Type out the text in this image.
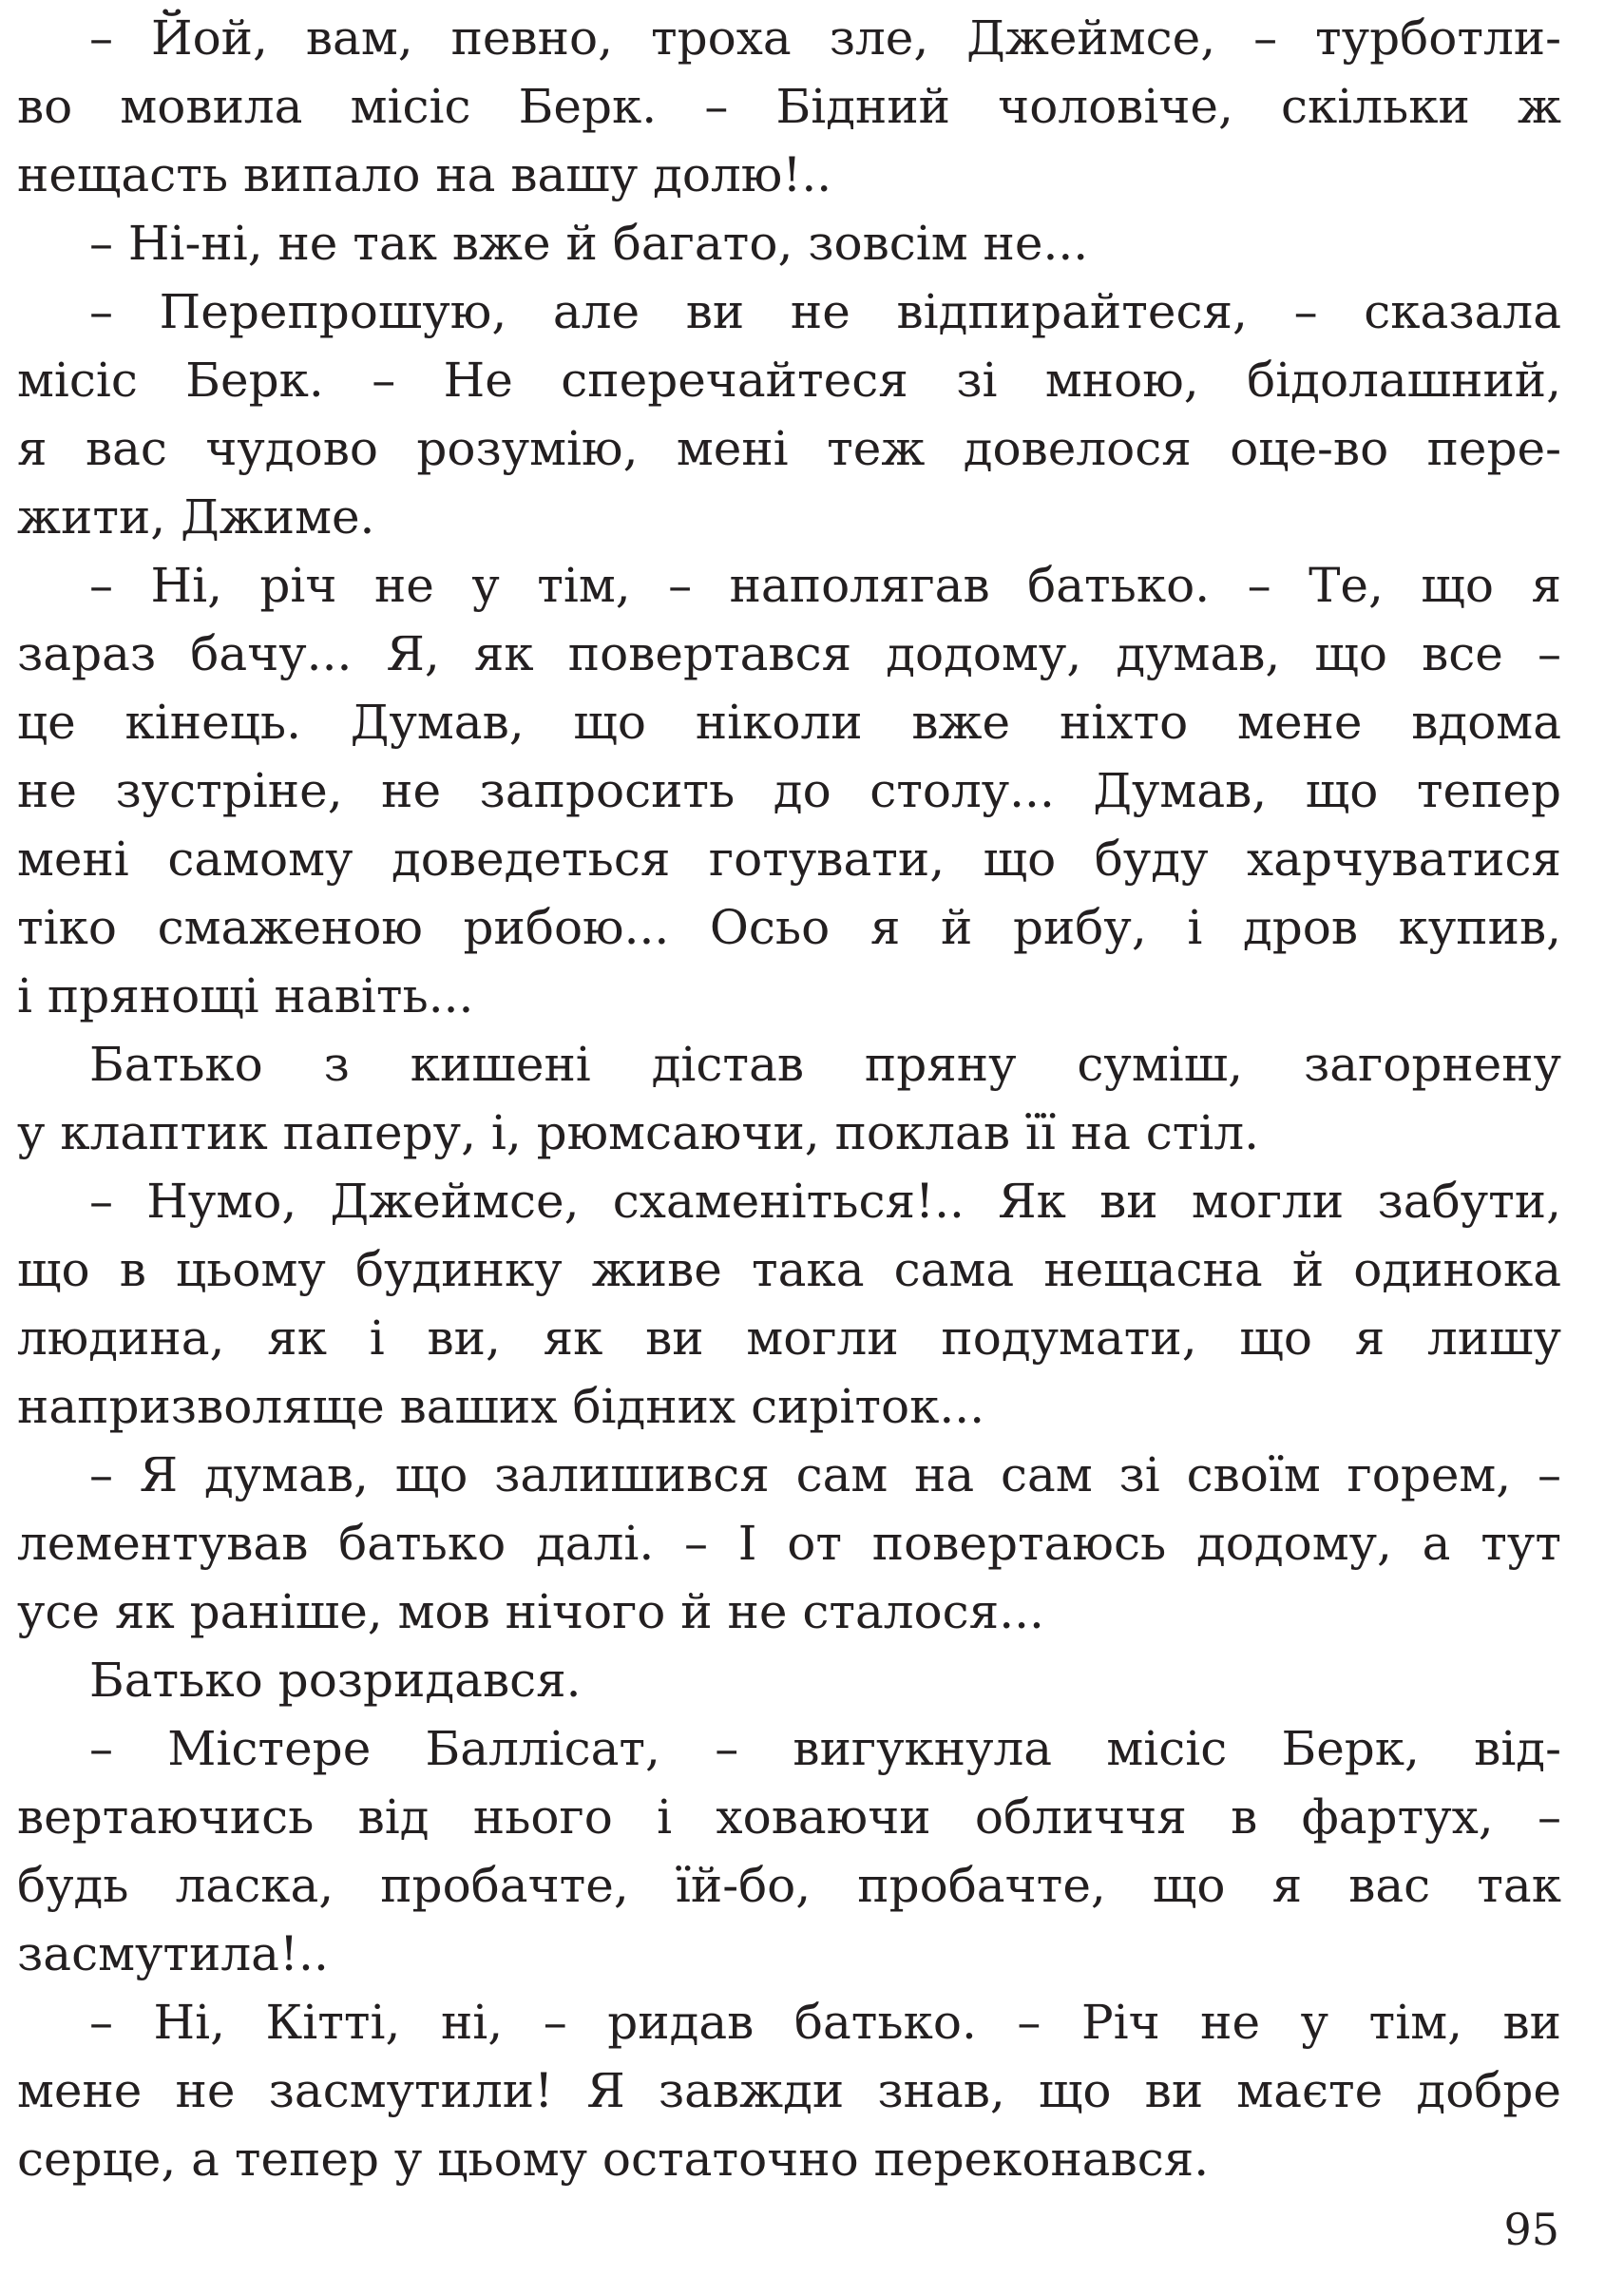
– Йой, вам, певно, троха зле, Джеймсе, – турботли-
во мовила місіс Берк. – Бідний чоловіче, скільки ж
нещасть випало на вашу долю!..
– Ні-ні, не так вже й багато, зовсім не...
– Перепрошую, але ви не відпирайтеся, – сказала
місіс Берк. – Не сперечайтеся зі мною, бідолашний,
я вас чудово розумію, мені теж довелося оце-во пере-
жити, Джиме.
– Ні, річ не у тім, – наполягав батько. – Те, що я
зараз бачу... Я, як повертався додому, думав, що все –
це кінець. Думав, що ніколи вже ніхто мене вдома
не зустріне, не запросить до столу... Думав, що тепер
мені самому доведеться готувати, що буду харчуватися
тіко смаженою рибою... Осьо я й рибу, і дров купив,
і прянощі навіть...
Батько з кишені дістав пряну суміш, загорнену
у клаптик паперу, і, рюмсаючи, поклав її на стіл.
– Нумо, Джеймсе, схаменіться!.. Як ви могли забути,
що в цьому будинку живе така сама нещасна й одинока
людина, як і ви, як ви могли подумати, що я лишу
напризволяще ваших бідних сиріток...
– Я думав, що залишився сам на сам зі своїм горем, –
лементував батько далі. – І от повертаюсь додому, а тут
усе як раніше, мов нічого й не сталося...
Батько розридався.
– Містере Баллісат, – вигукнула місіс Берк, від-
вертаючись від нього і ховаючи обличчя в фартух, –
будь ласка, пробачте, їй-бо, пробачте, що я вас так
засмутила!..
– Ні, Кітті, ні, – ридав батько. – Річ не у тім, ви
мене не засмутили! Я завжди знав, що ви маєте добре
серце, а тепер у цьому остаточно переконався.
95
